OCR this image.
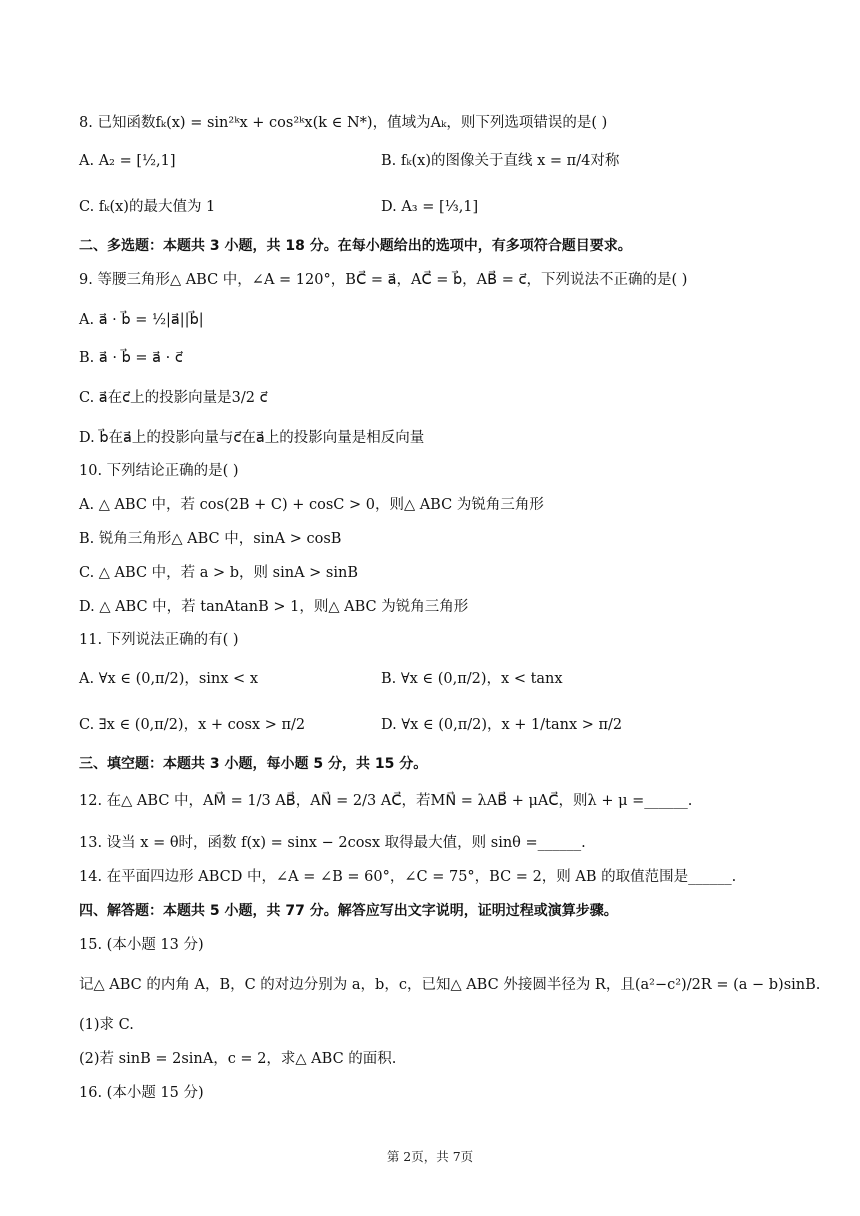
8. 已知函数fₖ(x) = sin²ᵏx + cos²ᵏx(k ∈ N*)，值域为Aₖ，则下列选项错误的是( )
A. A₂ = [½,1]	B. fₖ(x)的图像关于直线 x = π/4对称
C. fₖ(x)的最大值为 1	D. A₃ = [⅓,1]
二、多选题：本题共 3 小题，共 18 分。在每小题给出的选项中，有多项符合题目要求。
9. 等腰三角形△ ABC 中，∠A = 120°，BC⃗ = a⃗，AC⃗ = b⃗，AB⃗ = c⃗，下列说法不正确的是( )
A. a⃗ · b⃗ = ½|a⃗||b⃗|
B. a⃗ · b⃗ = a⃗ · c⃗
C. a⃗在c⃗上的投影向量是3/2 c⃗
D. b⃗在a⃗上的投影向量与c⃗在a⃗上的投影向量是相反向量
10. 下列结论正确的是( )
A. △ ABC 中，若 cos(2B + C) + cosC > 0，则△ ABC 为锐角三角形
B. 锐角三角形△ ABC 中，sinA > cosB
C. △ ABC 中，若 a > b，则 sinA > sinB
D. △ ABC 中，若 tanAtanB > 1，则△ ABC 为锐角三角形
11. 下列说法正确的有( )
A. ∀x ∈ (0,π/2)，sinx < x	B. ∀x ∈ (0,π/2)，x < tanx
C. ∃x ∈ (0,π/2)，x + cosx > π/2	D. ∀x ∈ (0,π/2)，x + 1/tanx > π/2
三、填空题：本题共 3 小题，每小题 5 分，共 15 分。
12. 在△ ABC 中，AM⃗ = 1/3 AB⃗，AN⃗ = 2/3 AC⃗，若MN⃗ = λAB⃗ + μAC⃗，则λ + μ =______.
13. 设当 x = θ时，函数 f(x) = sinx − 2cosx 取得最大值，则 sinθ =______.
14. 在平面四边形 ABCD 中，∠A = ∠B = 60°，∠C = 75°，BC = 2，则 AB 的取值范围是______.
四、解答题：本题共 5 小题，共 77 分。解答应写出文字说明，证明过程或演算步骤。
15. (本小题 13 分)
记△ ABC 的内角 A，B，C 的对边分别为 a，b，c，已知△ ABC 外接圆半径为 R，且(a²−c²)/2R = (a − b)sinB.
(1)求 C.
(2)若 sinB = 2sinA，c = 2，求△ ABC 的面积.
16. (本小题 15 分)
第 2页，共 7页
